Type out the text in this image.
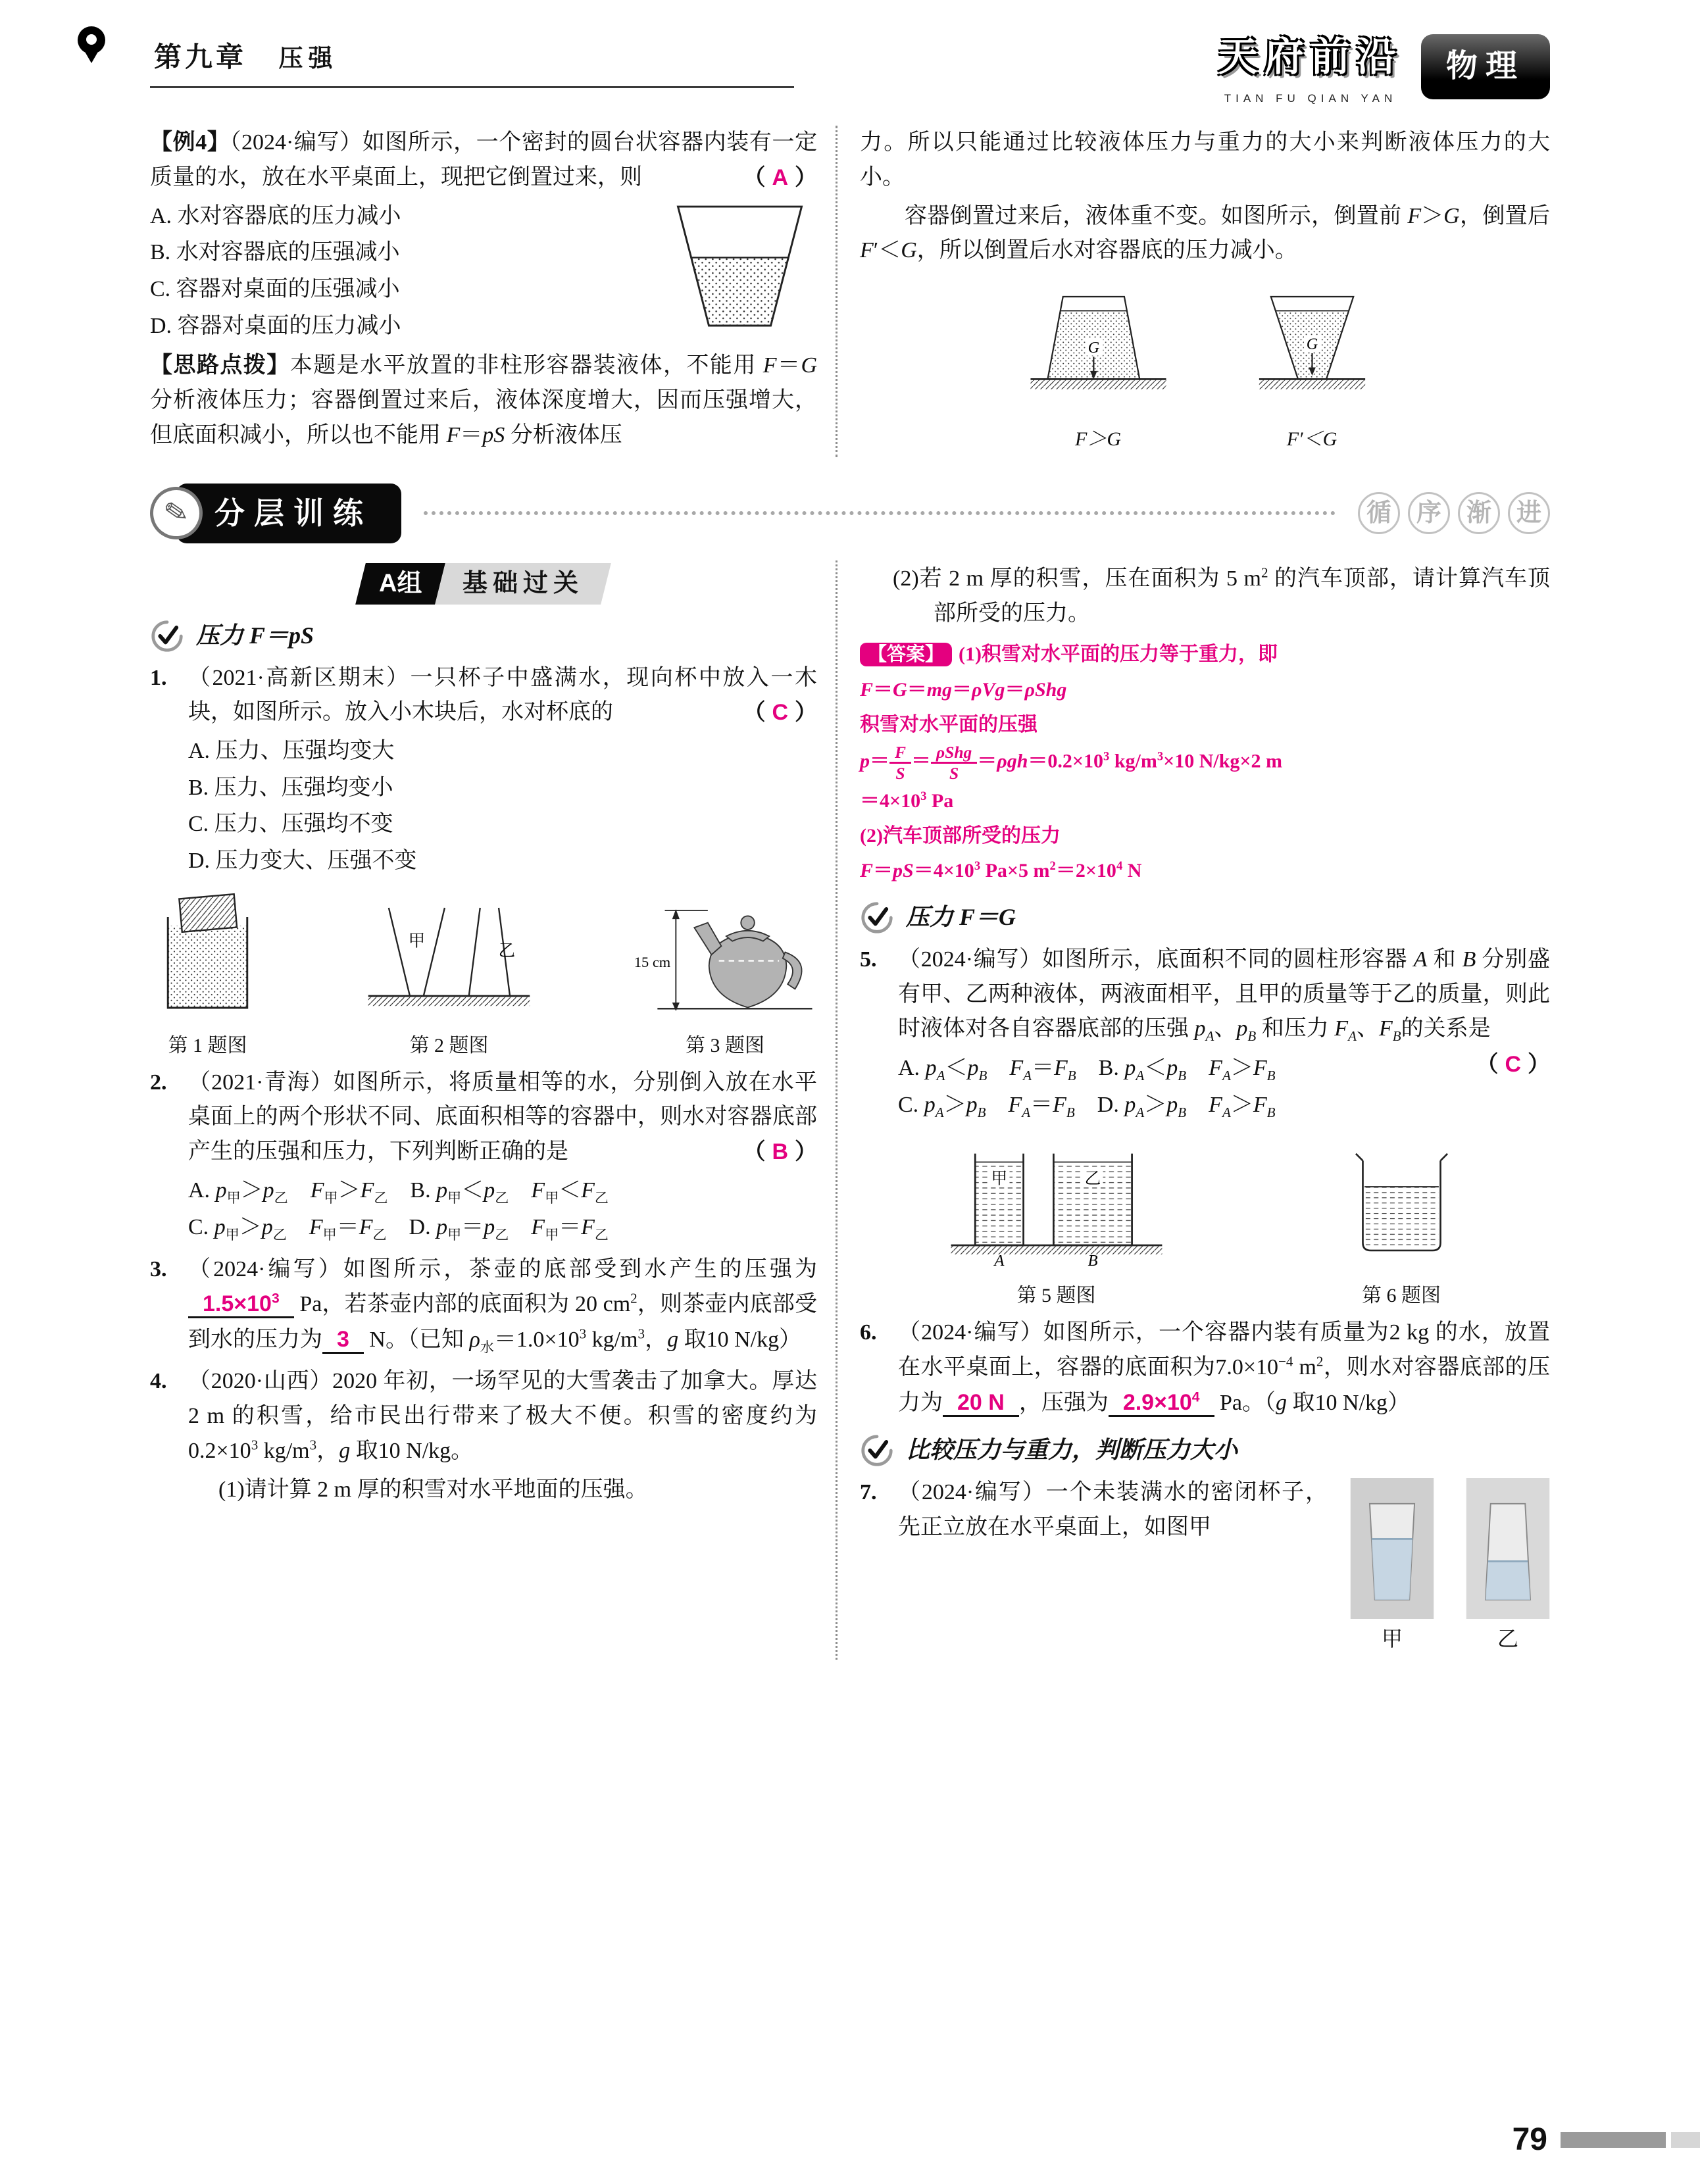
第九章 压强	天府前沿
TIAN FU QIAN YAN
物理

【例4】（2024·编写）如图所示，一个密封的圆台状容器内装有一定质量的水，放在水平桌面上，现把它倒置过来，则	（ A ）

A. 水对容器底的压力减小
B. 水对容器底的压强减小
C. 容器对桌面的压强减小
D. 容器对桌面的压力减小

【思路点拨】本题是水平放置的非柱形容器装液体，不能用 F＝G 分析液体压力；容器倒置过来后，液体深度增大，因而压强增大，但底面积减小，所以也不能用 F＝pS 分析液体压

力。所以只能通过比较液体压力与重力的大小来判断液体压力的大小。

容器倒置过来后，液体重不变。如图所示，倒置前 F＞G，倒置后 F′＜G，所以倒置后水对容器底的压力减小。

G
F＞G
G
F′＜G
✎ 分层训练	循 序 渐 进
A组	基础过关
压力 F＝pS
1. （2021·高新区期末）一只杯子中盛满水，现向杯中放入一木块，如图所示。放入小木块后，水对杯底的	（ C ）

A. 压力、压强均变大
B. 压力、压强均变小
C. 压力、压强均不变
D. 压力变大、压强不变
第 1 题图
甲
乙
第 2 题图
15 cm
第 3 题图
2. （2021·青海）如图所示，将质量相等的水，分别倒入放在水平桌面上的两个形状不同、底面积相等的容器中，则水对容器底部产生的压强和压力，下列判断正确的是	（ B ）

A. $p_甲>p_乙$　 $F_甲>F_乙$　B. $p_甲<p_乙$　 $F_甲<F_乙$
C. $p_甲>p_乙$　 $F_甲=F_乙$　D. $p_甲=p_乙$　 $F_甲=F_乙$
3. （2024·编写）如图所示，茶壶的底部受到水产生的压强为$1.5\times 10^3$ Pa，若茶壶内部的底面积为 20 $cm^2$，则茶壶内底部受到水的压力为 3 N。（已知 $\rho_水=1.0\times 10^3$ $kg/m^3$，g 取10 N/kg）

4. （2020·山西）2020 年初，一场罕见的大雪袭击了加拿大。厚达 2 m 的积雪，给市民出行带来了极大不便。积雪的密度约为 $0.2\times 10^3$ $kg/m^3$，g 取10 N/kg。

(1)请计算 2 m 厚的积雪对水平地面的压强。

(2)若 2 m 厚的积雪，压在面积为 5 $m^2$ 的汽车顶部，请计算汽车顶部所受的压力。

【答案】 (1)积雪对水平面的压力等于重力，即
F＝G＝mg＝ρVg＝ρShg
积雪对水平面的压强
$p= \frac{F}{S} = \frac{\text{ρShg}}{S} =\rho gh=0.2\times 10^3$ $kg/m^3\times 10$ N/kg×2 m
$=4\times 10^3$ Pa
(2)汽车顶部所受的压力
$F=pS=4\times 10^3$ Pa×5 $m^2=2\times 10^4$ N
压力 F＝G
5. （2024·编写）如图所示，底面积不同的圆柱形容器 A 和 B 分别盛有甲、乙两种液体，两液面相平，且甲的质量等于乙的质量，则此时液体对各自容器底部的压强 $p_A$、$p_B$ 和压力 $F_A$、$F_B$的关系是
（ C ）

A. $p_A<p_B$　 $F_A=F_B$　B. $p_A<p_B$　 $F_A>F_B$
C. $p_A>p_B$　 $F_A=F_B$　D. $p_A>p_B$　 $F_A>F_B$
甲	乙
A	B
第 5 题图	第 6 题图
6. （2024·编写）如图所示，一个容器内装有质量为2 kg 的水，放置在水平桌面上，容器的底面积为$7.0\times 10^{-4}$ $m^2$，则水对容器底部的压力为 20 N ，压强为 $2.9\times 10^4$ Pa。（g 取10 N/kg）

比较压力与重力，判断压力大小
7.
甲	乙

（2024·编写）一个未装满水的密闭杯子，先正立放在水平桌面上，如图甲

79
